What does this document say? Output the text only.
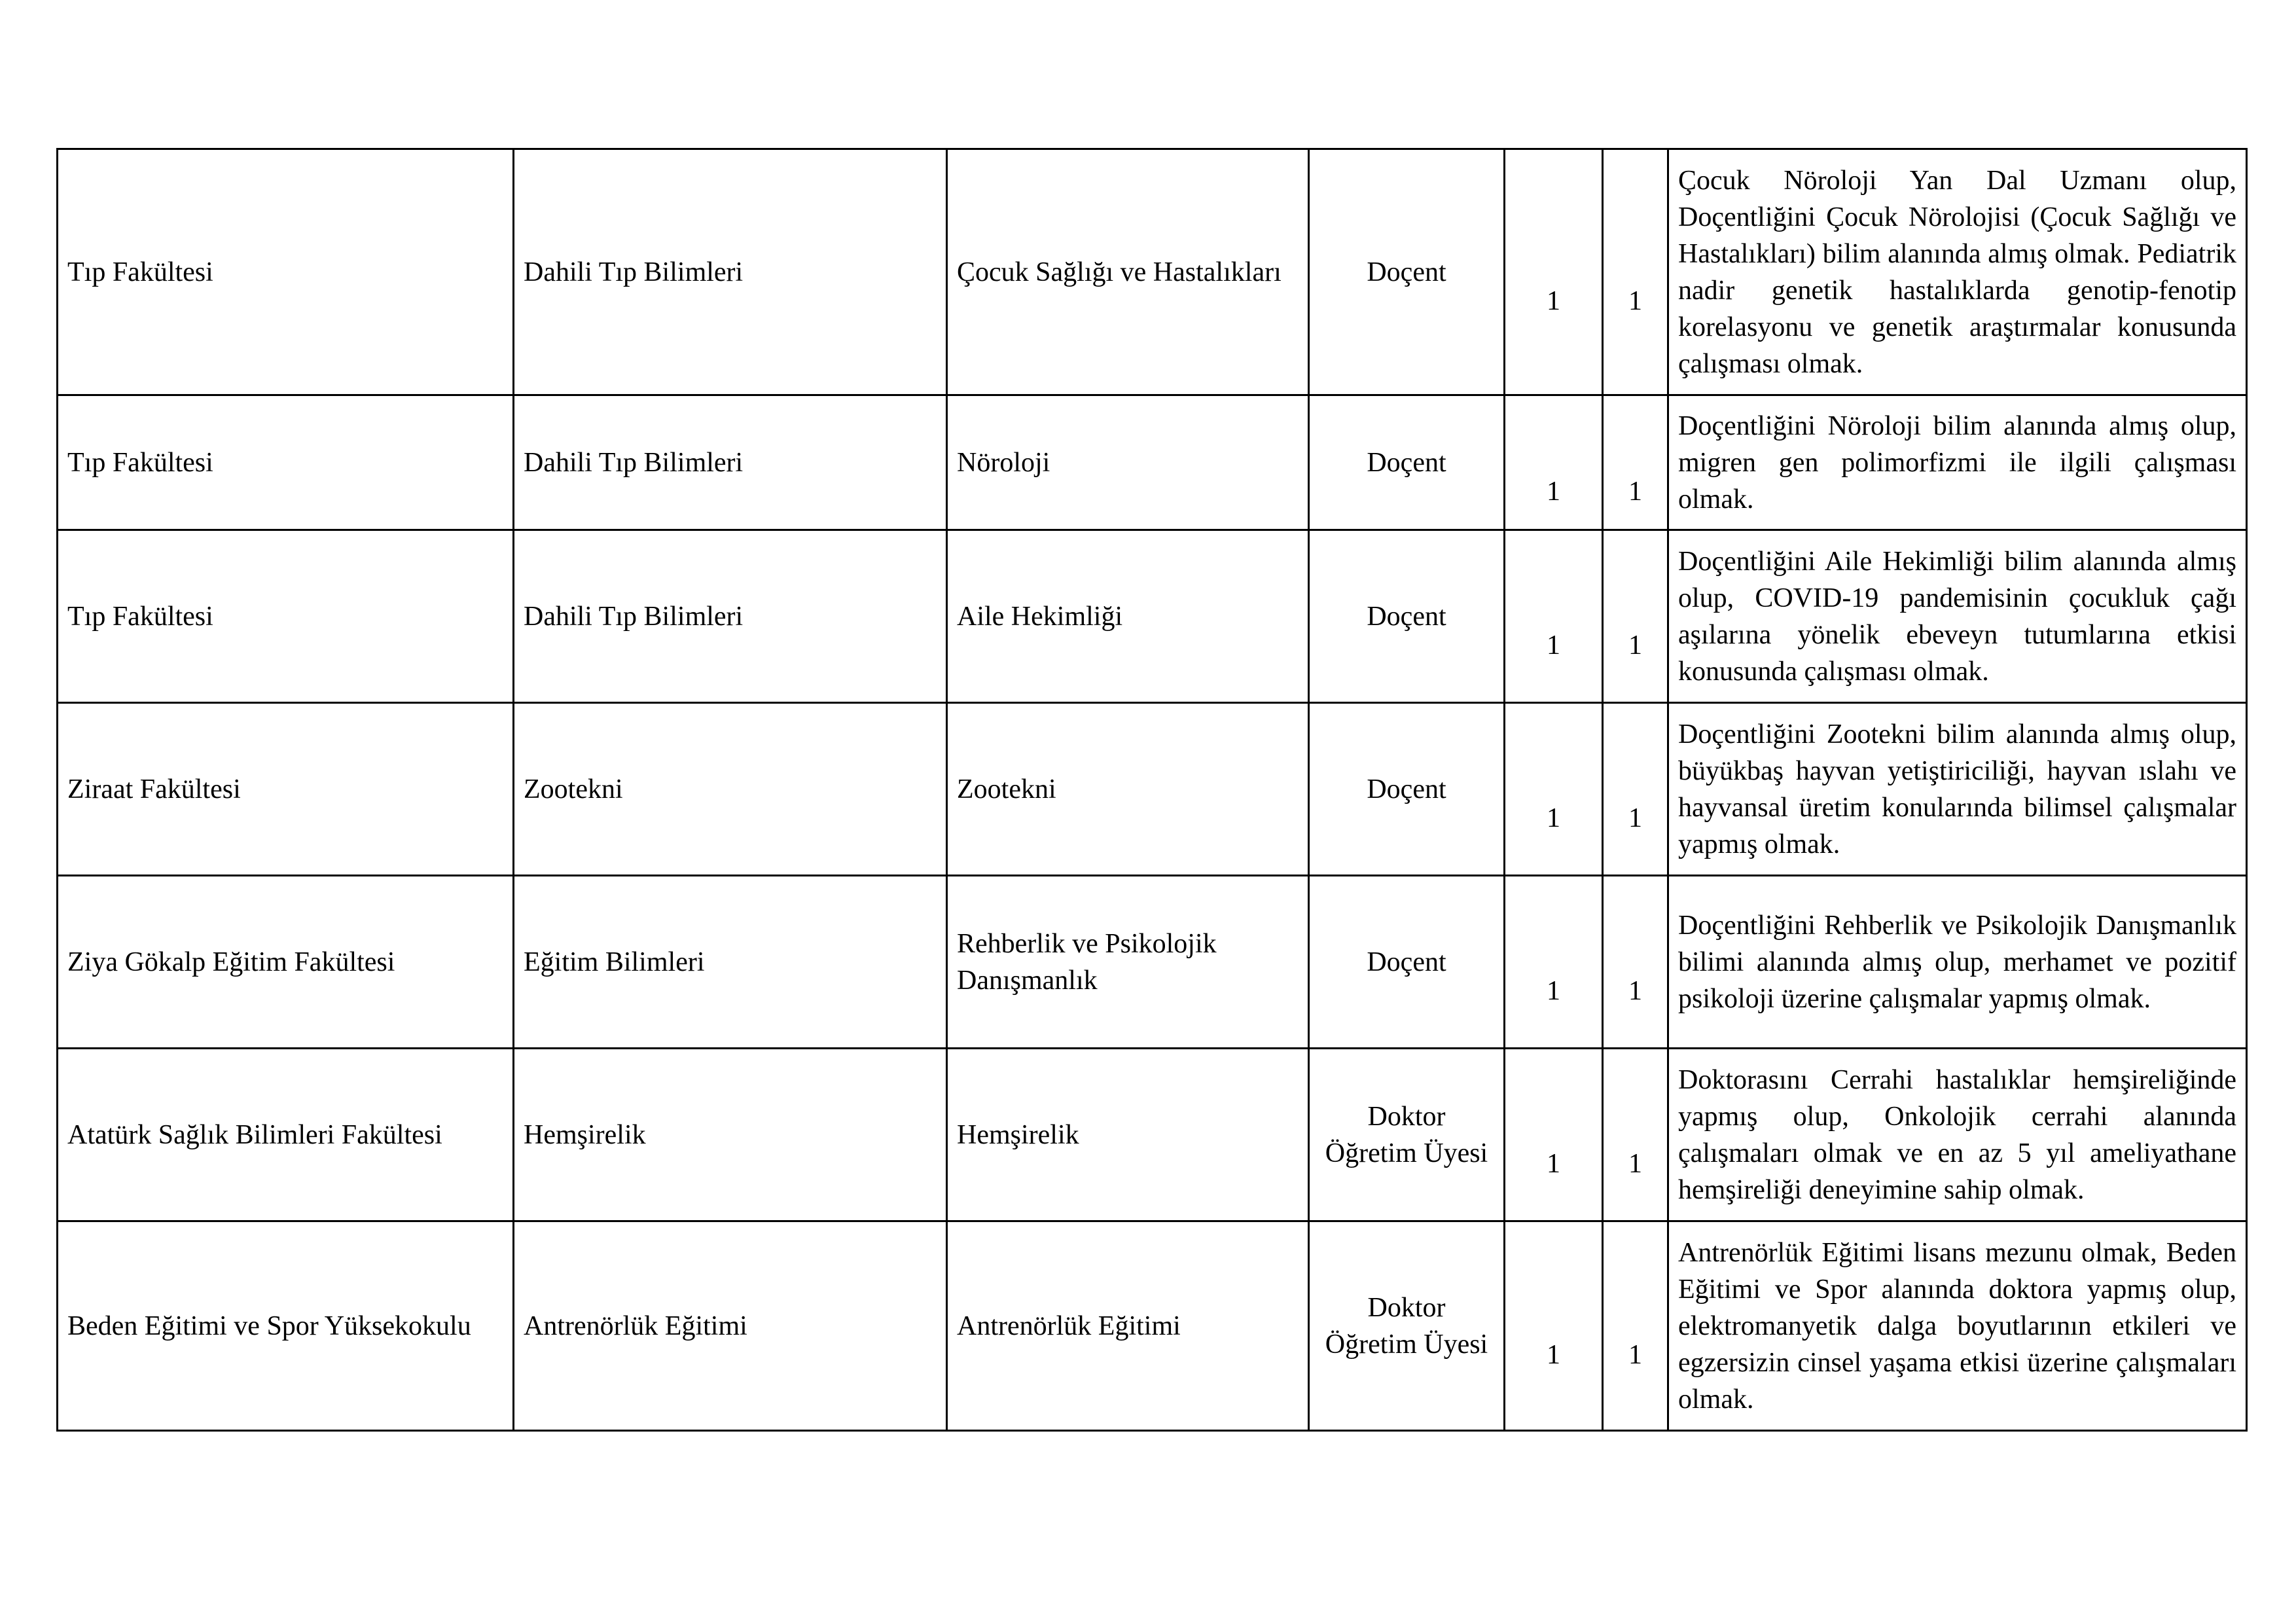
Tıp Fakültesi	Dahili Tıp Bilimleri	Çocuk Sağlığı ve Hastalıkları	Doçent	1	1	Çocuk Nöroloji Yan Dal Uzmanı olup, Doçentliğini Çocuk Nörolojisi (Çocuk Sağlığı ve Hastalıkları) bilim alanında almış olmak. Pediatrik nadir genetik hastalıklarda genotip-fenotip korelasyonu ve genetik araştırmalar konusunda çalışması olmak.
Tıp Fakültesi	Dahili Tıp Bilimleri	Nöroloji	Doçent	1	1	Doçentliğini Nöroloji bilim alanında almış olup, migren gen polimorfizmi ile ilgili çalışması olmak.
Tıp Fakültesi	Dahili Tıp Bilimleri	Aile Hekimliği	Doçent	1	1	Doçentliğini Aile Hekimliği bilim alanında almış olup, COVID-19 pandemisinin çocukluk çağı aşılarına yönelik ebeveyn tutumlarına etkisi konusunda çalışması olmak.
Ziraat Fakültesi	Zootekni	Zootekni	Doçent	1	1	Doçentliğini Zootekni bilim alanında almış olup, büyükbaş hayvan yetiştiriciliği, hayvan ıslahı ve hayvansal üretim konularında bilimsel çalışmalar yapmış olmak.
Ziya Gökalp Eğitim Fakültesi	Eğitim Bilimleri	Rehberlik ve Psikolojik Danışmanlık	Doçent	1	1	Doçentliğini Rehberlik ve Psikolojik Danışmanlık bilimi alanında almış olup, merhamet ve pozitif psikoloji üzerine çalışmalar yapmış olmak.
Atatürk Sağlık Bilimleri Fakültesi	Hemşirelik	Hemşirelik	Doktor Öğretim Üyesi	1	1	Doktorasını Cerrahi hastalıklar hemşireliğinde yapmış olup, Onkolojik cerrahi alanında çalışmaları olmak ve en az 5 yıl ameliyathane hemşireliği deneyimine sahip olmak.
Beden Eğitimi ve Spor Yüksekokulu	Antrenörlük Eğitimi	Antrenörlük Eğitimi	Doktor Öğretim Üyesi	1	1	Antrenörlük Eğitimi lisans mezunu olmak, Beden Eğitimi ve Spor alanında doktora yapmış olup, elektromanyetik dalga boyutlarının etkileri ve egzersizin cinsel yaşama etkisi üzerine çalışmaları olmak.
